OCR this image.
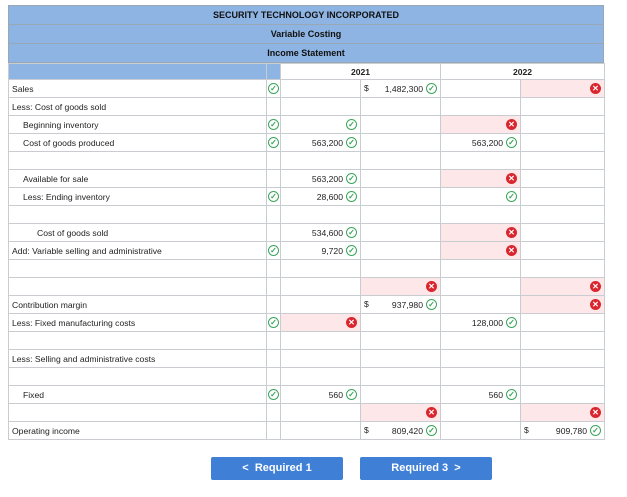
SECURITY TECHNOLOGY INCORPORATED
Variable Costing
Income Statement
		2021		2022	
Sales	✓		$ 1,482,300 ✓		✕
Less: Cost of goods sold					
Beginning inventory	✓	✓		✕	
Cost of goods produced	✓	563,200 ✓		563,200 ✓	

Available for sale		563,200 ✓		✕	
Less: Ending inventory	✓	28,600 ✓		✓	

Cost of goods sold		534,600 ✓		✕	
Add: Variable selling and administrative	✓	9,720 ✓		✕	

			✕		✕
Contribution margin			$ 937,980 ✓		✕
Less: Fixed manufacturing costs	✓	✕		128,000 ✓	

Less: Selling and administrative costs					

Fixed	✓	560 ✓		560 ✓	
			✕		✕
Operating income			$ 809,420 ✓		$ 909,780 ✓
< Required 1	Required 3 >
